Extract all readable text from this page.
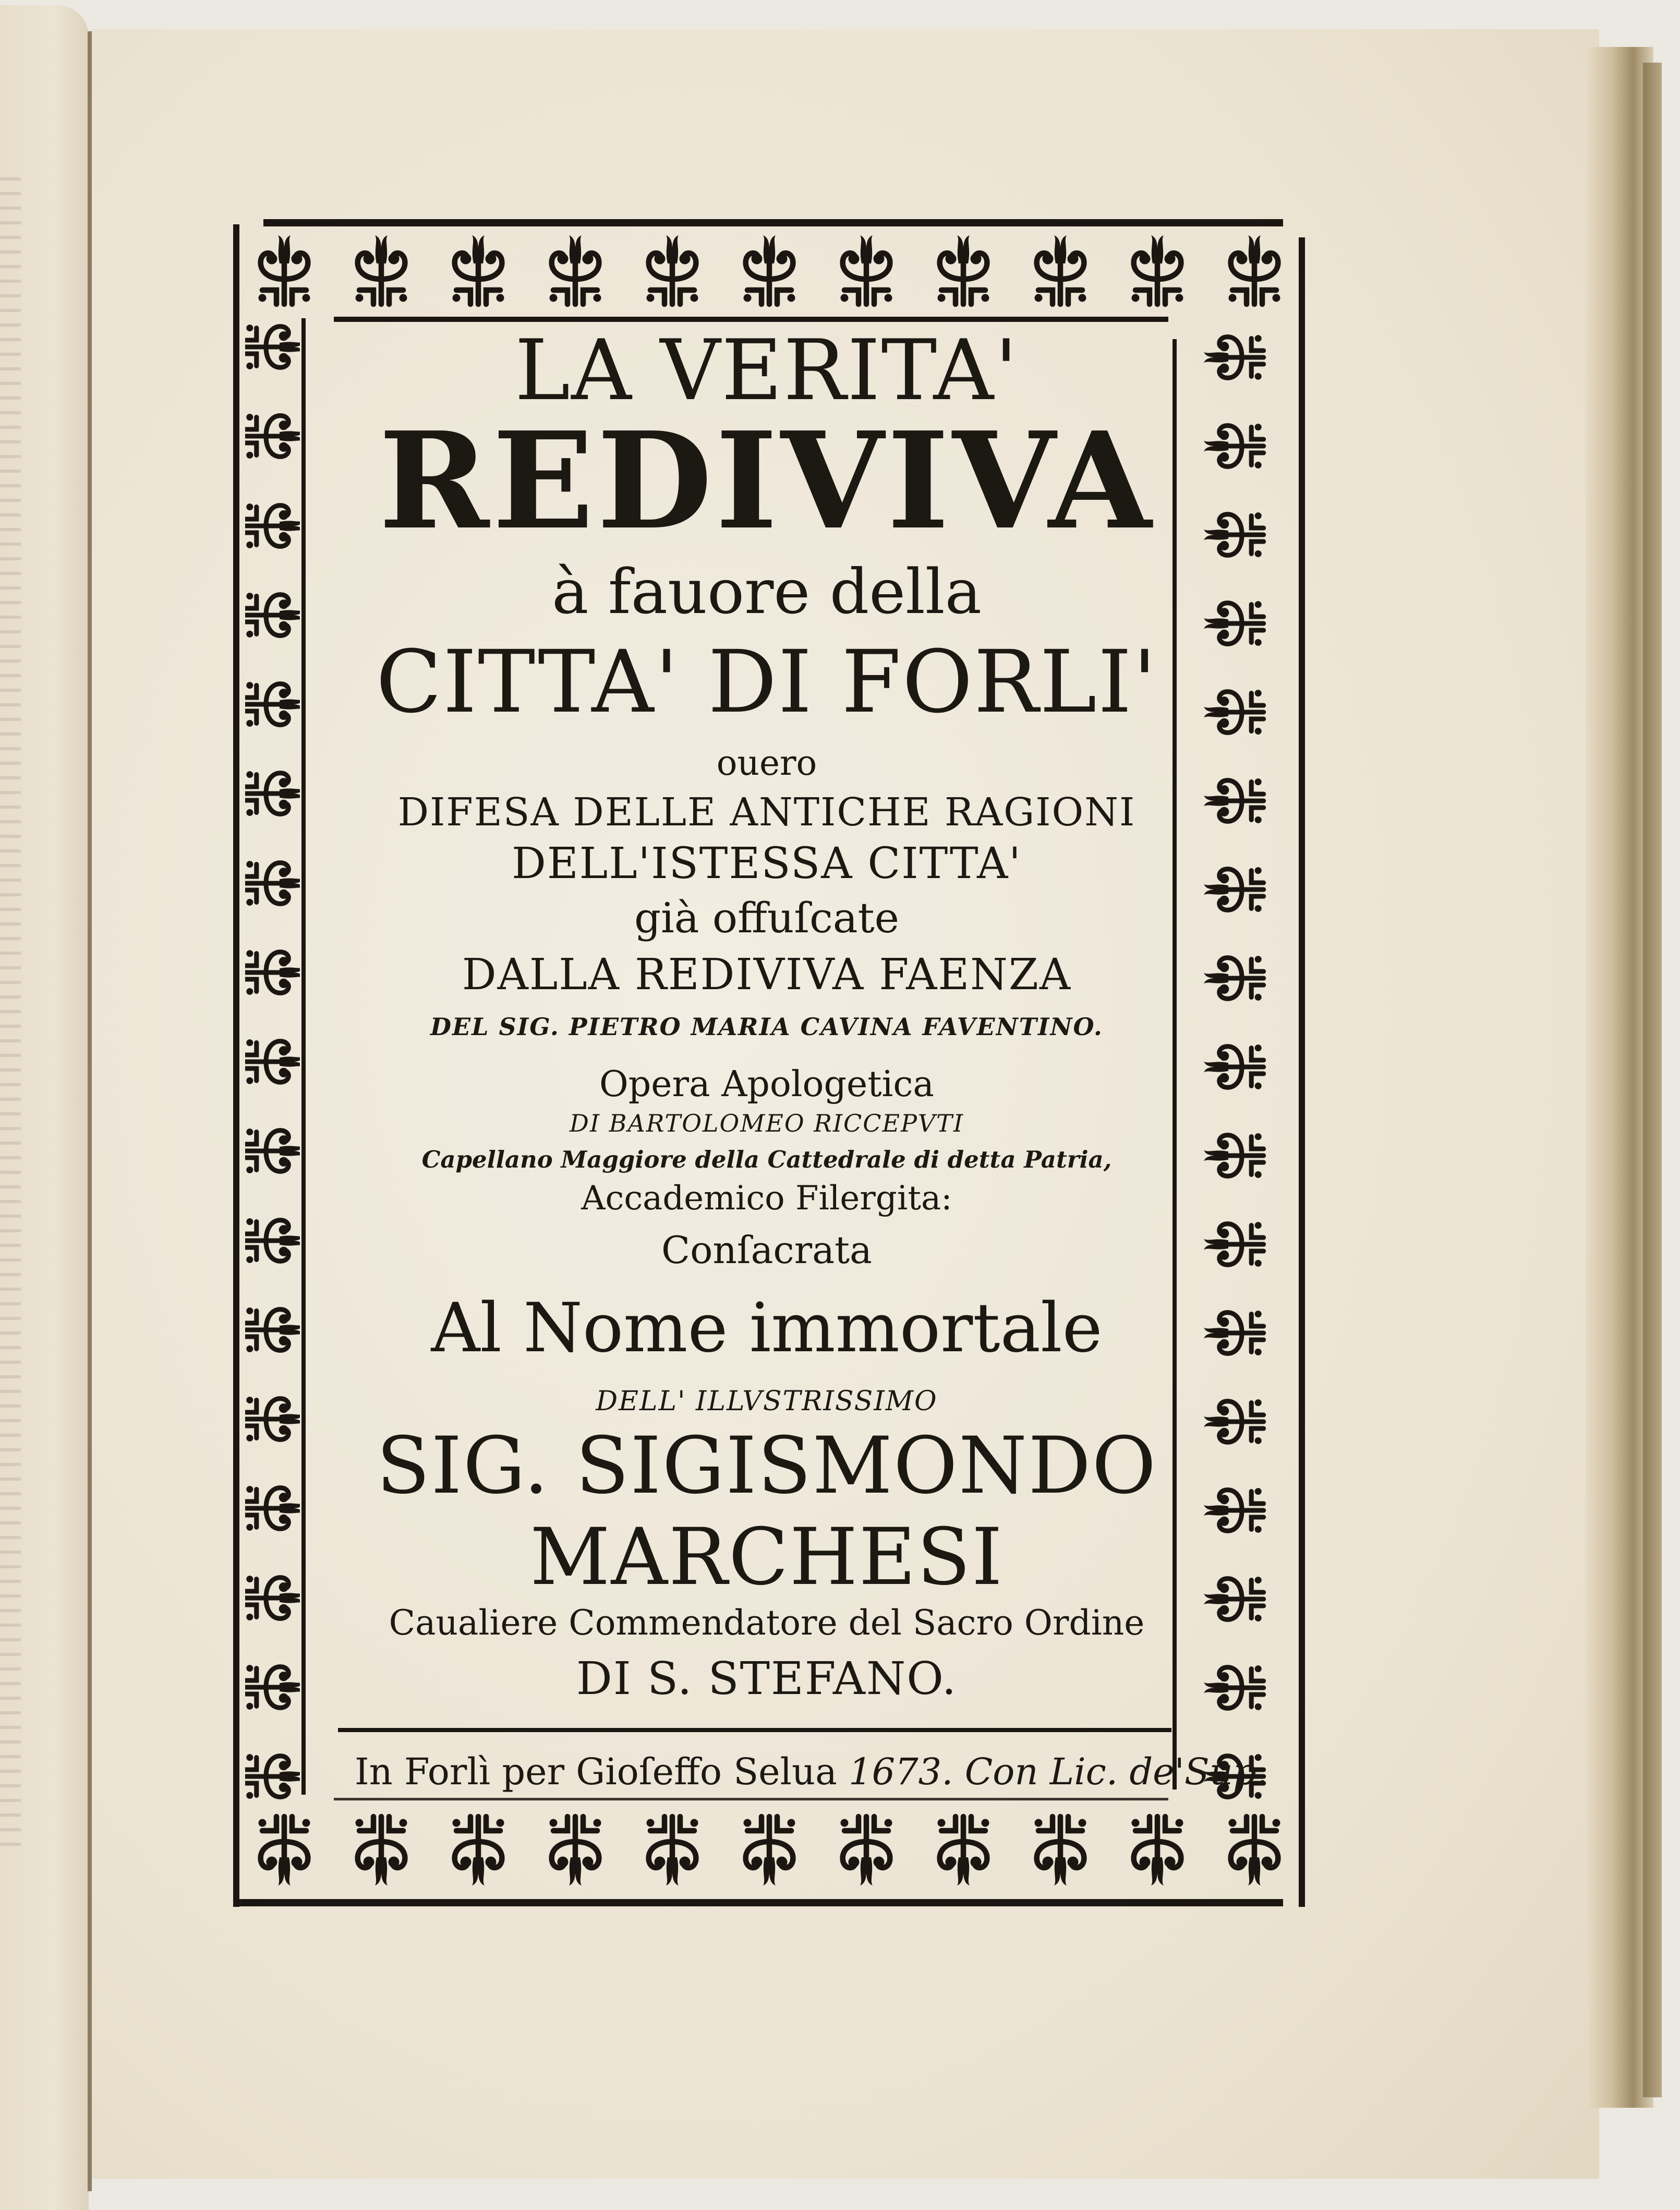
LA VERITA'
REDIVIVA
à fauore della
CITTA' DI FORLI'
ouero
DIFESA DELLE ANTICHE RAGIONI
DELL'ISTESSA CITTA'
già offuſcate
DALLA REDIVIVA FAENZA
DEL SIG. PIETRO MARIA CAVINA FAVENTINO.
Opera Apologetica
DI BARTOLOMEO RICCEPVTI
Capellano Maggiore della Cattedrale di detta Patria,
Accademico Filergita:
Conſacrata
Al Nome immortale
DELL' ILLVSTRISSIMO
SIG. SIGISMONDO
MARCHESI
Caualiere Commendatore del Sacro Ordine
DI S. STEFANO.
In Forlì per Gioſeffo Selua 1673. Con Lic. de'Sup.
